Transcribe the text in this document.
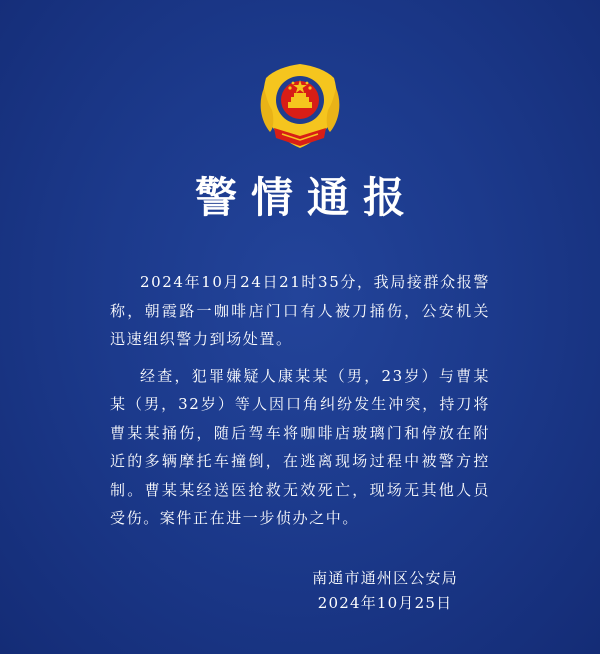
警情通报

2024年10月24日21时35分，我局接群众报警称，朝霞路一咖啡店门口有人被刀捅伤，公安机关迅速组织警力到场处置。

经查，犯罪嫌疑人康某某（男，23岁）与曹某某（男，32岁）等人因口角纠纷发生冲突，持刀将曹某某捅伤，随后驾车将咖啡店玻璃门和停放在附近的多辆摩托车撞倒，在逃离现场过程中被警方控制。曹某某经送医抢救无效死亡，现场无其他人员受伤。案件正在进一步侦办之中。

南通市通州区公安局
2024年10月25日
